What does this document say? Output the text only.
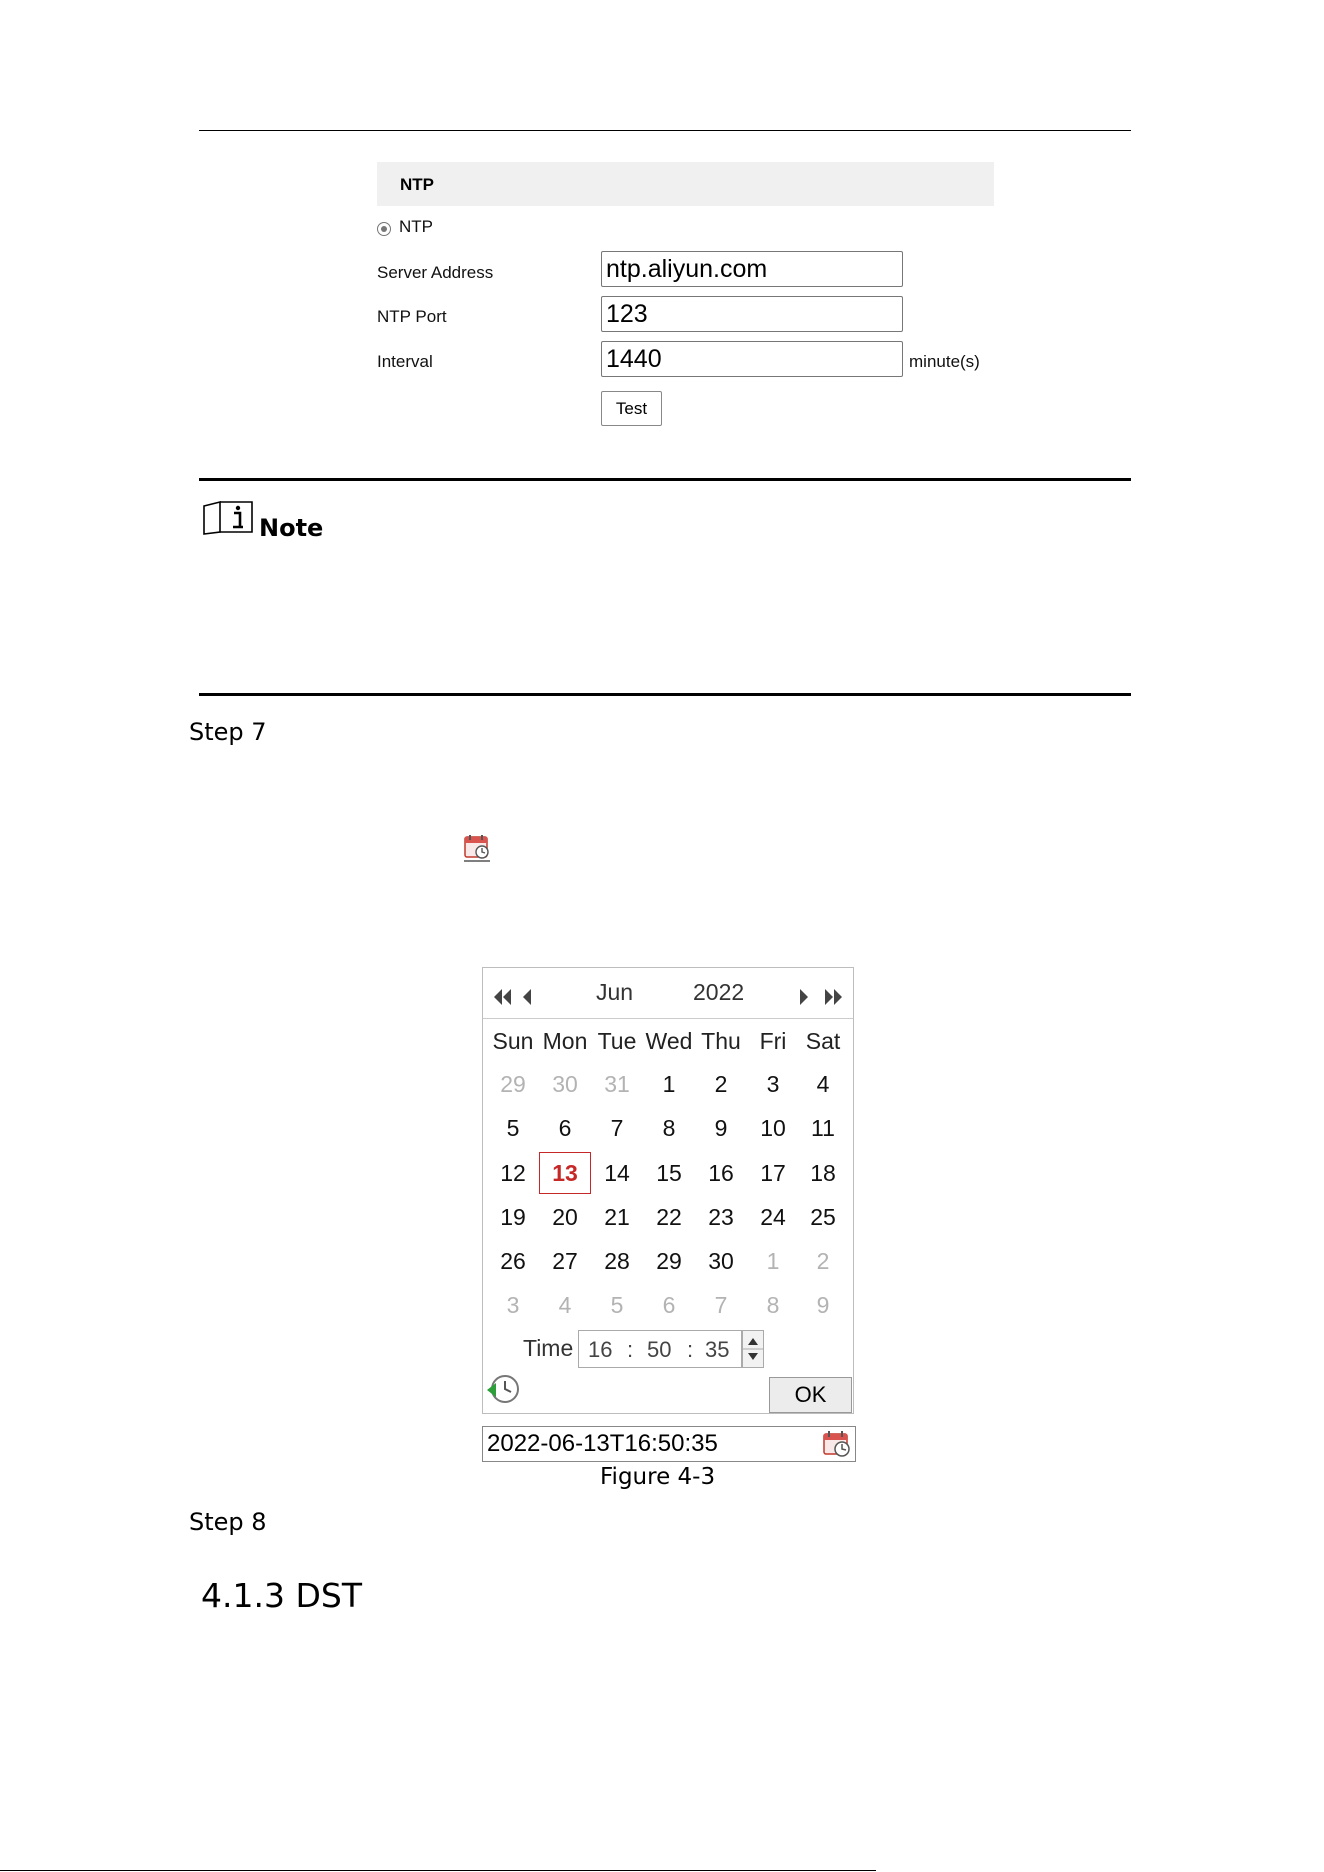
NTP
NTP
Server Address	ntp.aliyun.com
NTP Port	123
Interval	1440	minute(s)
Test
Note
Step 7
Jun	2022
Sun Mon Tue Wed Thu Fri Sat
29	30	31	1	2	3	4
5	6	7	8	9	10	11
12	13	14	15	16	17	18
19	20	21	22	23	24	25
26	27	28	29	30	1	2
3	4	5	6	7	8	9
Time 16 : 50 : 35
OK
2022-06-13T16:50:35
Figure 4-3
Step 8
4.1.3 DST
